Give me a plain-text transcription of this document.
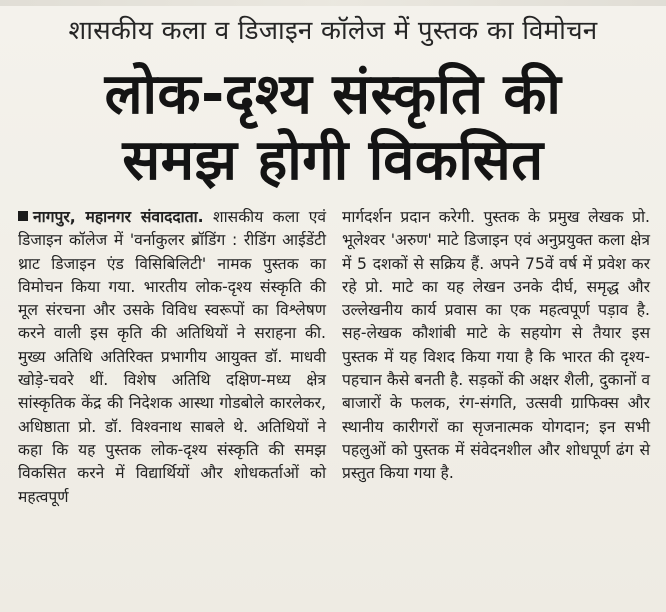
शासकीय कला व डिजाइन कॉलेज में पुस्तक का विमोचन
लोक-दृश्य संस्कृति की
समझ होगी विकसित

नागपुर, महानगर संवाददाता. शासकीय कला एवं डिजाइन कॉलेज में 'वर्नाकुलर ब्रॉडिंग : रीडिंग आईडेंटी थ्राट डिजाइन एंड विसिबिलिटी' नामक पुस्तक का विमोचन किया गया. भारतीय लोक-दृश्य संस्कृति की मूल संरचना और उसके विविध स्वरूपों का विश्लेषण करने वाली इस कृति की अतिथियों ने सराहना की. मुख्य अतिथि अतिरिक्त प्रभागीय आयुक्त डॉ. माधवी खोड़े-चवरे थीं. विशेष अतिथि दक्षिण-मध्य क्षेत्र सांस्कृतिक केंद्र की निदेशक आस्था गोडबोले कारलेकर, अधिष्ठाता प्रो. डॉ. विश्वनाथ साबले थे. अतिथियों ने कहा कि यह पुस्तक लोक-दृश्य संस्कृति की समझ विकसित करने में विद्यार्थियों और शोधकर्ताओं को महत्वपूर्ण

मार्गदर्शन प्रदान करेगी. पुस्तक के प्रमुख लेखक प्रो. भूलेश्वर 'अरुण' माटे डिजाइन एवं अनुप्रयुक्त कला क्षेत्र में 5 दशकों से सक्रिय हैं. अपने 75वें वर्ष में प्रवेश कर रहे प्रो. माटे का यह लेखन उनके दीर्घ, समृद्ध और उल्लेखनीय कार्य प्रवास का एक महत्वपूर्ण पड़ाव है. सह-लेखक कौशांबी माटे के सहयोग से तैयार इस पुस्तक में यह विशद किया गया है कि भारत की दृश्य-पहचान कैसे बनती है. सड़कों की अक्षर शैली, दुकानों व बाजारों के फलक, रंग-संगति, उत्सवी ग्राफिक्स और स्थानीय कारीगरों का सृजनात्मक योगदान; इन सभी पहलुओं को पुस्तक में संवेदनशील और शोधपूर्ण ढंग से प्रस्तुत किया गया है.
